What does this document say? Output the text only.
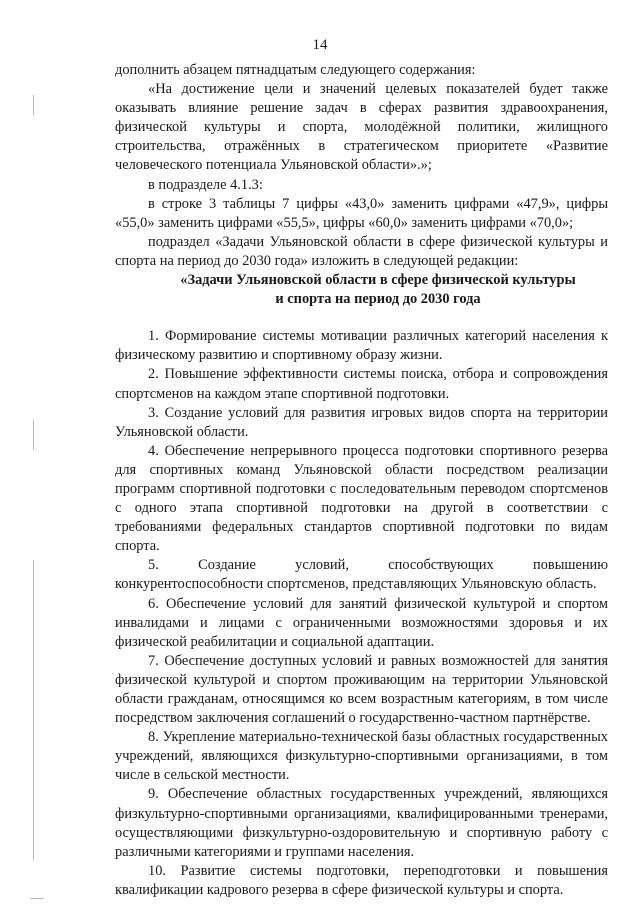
14

дополнить абзацем пятнадцатым следующего содержания:

«На достижение цели и значений целевых показателей будет также оказывать влияние решение задач в сферах развития здравоохранения, физической культуры и спорта, молодёжной политики, жилищного строительства, отражённых в стратегическом приоритете «Развитие человеческого потенциала Ульяновской области».»;

в подразделе 4.1.3:

в строке 3 таблицы 7 цифры «43,0» заменить цифрами «47,9», цифры «55,0» заменить цифрами «55,5», цифры «60,0» заменить цифрами «70,0»;

подраздел «Задачи Ульяновской области в сфере физической культуры и спорта на период до 2030 года» изложить в следующей редакции:

«Задачи Ульяновской области в сфере физической культуры

и спорта на период до 2030 года

1. Формирование системы мотивации различных категорий населения к физическому развитию и спортивному образу жизни.

2. Повышение эффективности системы поиска, отбора и сопровождения спортсменов на каждом этапе спортивной подготовки.

3. Создание условий для развития игровых видов спорта на территории Ульяновской области.

4. Обеспечение непрерывного процесса подготовки спортивного резерва для спортивных команд Ульяновской области посредством реализации программ спортивной подготовки с последовательным переводом спортсменов с одного этапа спортивной подготовки на другой в соответствии с требованиями федеральных стандартов спортивной подготовки по видам спорта.

5. Создание условий, способствующих повышению конкурентоспособности спортсменов, представляющих Ульяновскую область.

6. Обеспечение условий для занятий физической культурой и спортом инвалидами и лицами с ограниченными возможностями здоровья и их физической реабилитации и социальной адаптации.

7. Обеспечение доступных условий и равных возможностей для занятия физической культурой и спортом проживающим на территории Ульяновской области гражданам, относящимся ко всем возрастным категориям, в том числе посредством заключения соглашений о государственно-частном партнёрстве.

8. Укрепление материально-технической базы областных государственных учреждений, являющихся физкультурно-спортивными организациями, в том числе в сельской местности.

9. Обеспечение областных государственных учреждений, являющихся физкультурно-спортивными организациями, квалифицированными тренерами, осуществляющими физкультурно-оздоровительную и спортивную работу с различными категориями и группами населения.

10. Развитие системы подготовки, переподготовки и повышения квалификации кадрового резерва в сфере физической культуры и спорта.
